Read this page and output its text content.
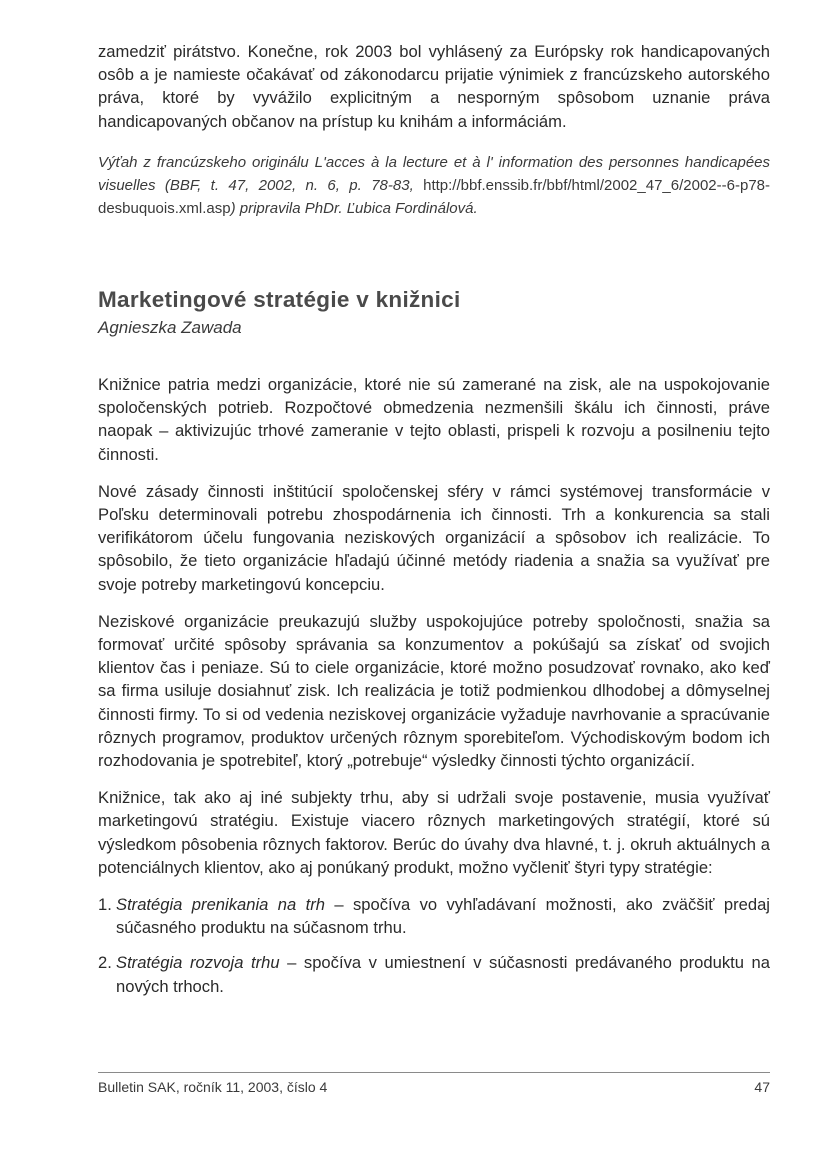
zamedziť pirátstvo. Konečne, rok 2003 bol vyhlásený za Európsky rok handicapovaných osôb a je namieste očakávať od zákonodarcu prijatie výnimiek z francúzskeho autorského práva, ktoré by vyvážilo explicitným a nesporným spôsobom uznanie práva handicapovaných občanov na prístup ku knihám a informáciám.

Výťah z francúzskeho originálu L'acces à la lecture et à l' information des personnes handicapées visuelles (BBF, t. 47, 2002, n. 6, p. 78-83, http://bbf.enssib.fr/bbf/html/2002_47_6/2002--6-p78-desbuquois.xml.asp) pripravila PhDr. Ľubica Fordinálová.

Marketingové stratégie v knižnici
Agnieszka Zawada

Knižnice patria medzi organizácie, ktoré nie sú zamerané na zisk, ale na uspokojovanie spoločenských potrieb. Rozpočtové obmedzenia nezmenšili škálu ich činnosti, práve naopak – aktivizujúc trhové zameranie v tejto oblasti, prispeli k rozvoju a posilneniu tejto činnosti.

Nové zásady činnosti inštitúcií spoločenskej sféry v rámci systémovej transformácie v Poľsku determinovali potrebu zhospodárnenia ich činnosti. Trh a konkurencia sa stali verifikátorom účelu fungovania neziskových organizácií a spôsobov ich realizácie. To spôsobilo, že tieto organizácie hľadajú účinné metódy riadenia a snažia sa využívať pre svoje potreby marketingovú koncepciu.

Neziskové organizácie preukazujú služby uspokojujúce potreby spoločnosti, snažia sa formovať určité spôsoby správania sa konzumentov a pokúšajú sa získať od svojich klientov čas i peniaze. Sú to ciele organizácie, ktoré možno posudzovať rovnako, ako keď sa firma usiluje dosiahnuť zisk. Ich realizácia je totiž podmienkou dlhodobej a dômyselnej činnosti firmy. To si od vedenia neziskovej organizácie vyžaduje navrhovanie a spracúvanie rôznych programov, produktov určených rôznym sporebiteľom. Východiskovým bodom ich rozhodovania je spotrebiteľ, ktorý „potrebuje“ výsledky činnosti týchto organizácií.

Knižnice, tak ako aj iné subjekty trhu, aby si udržali svoje postavenie, musia využívať marketingovú stratégiu. Existuje viacero rôznych marketingových stratégií, ktoré sú výsledkom pôsobenia rôznych faktorov. Berúc do úvahy dva hlavné, t. j. okruh aktuálnych a potenciálnych klientov, ako aj ponúkaný produkt, možno vyčleniť štyri typy stratégie:

1. Stratégia prenikania na trh – spočíva vo vyhľadávaní možnosti, ako zväčšiť predaj súčasného produktu na súčasnom trhu.
2. Stratégia rozvoja trhu – spočíva v umiestnení v súčasnosti predávaného produktu na nových trhoch.
Bulletin SAK, ročník 11, 2003, číslo 4	47
